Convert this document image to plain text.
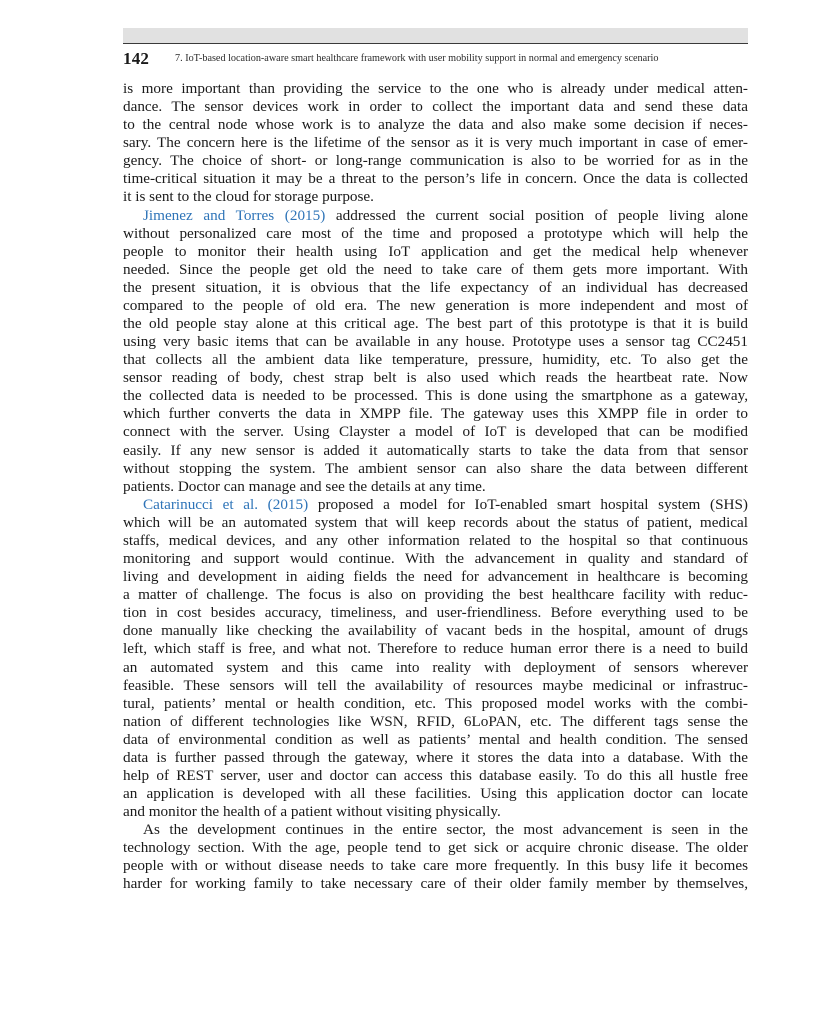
142	7. IoT-based location-aware smart healthcare framework with user mobility support in normal and emergency scenario
is more important than providing the service to the one who is already under medical atten-
dance. The sensor devices work in order to collect the important data and send these data
to the central node whose work is to analyze the data and also make some decision if neces-
sary. The concern here is the lifetime of the sensor as it is very much important in case of emer-
gency. The choice of short- or long-range communication is also to be worried for as in the
time-critical situation it may be a threat to the person’s life in concern. Once the data is collected
it is sent to the cloud for storage purpose.
Jimenez and Torres (2015) addressed the current social position of people living alone
without personalized care most of the time and proposed a prototype which will help the
people to monitor their health using IoT application and get the medical help whenever
needed. Since the people get old the need to take care of them gets more important. With
the present situation, it is obvious that the life expectancy of an individual has decreased
compared to the people of old era. The new generation is more independent and most of
the old people stay alone at this critical age. The best part of this prototype is that it is build
using very basic items that can be available in any house. Prototype uses a sensor tag CC2451
that collects all the ambient data like temperature, pressure, humidity, etc. To also get the
sensor reading of body, chest strap belt is also used which reads the heartbeat rate. Now
the collected data is needed to be processed. This is done using the smartphone as a gateway,
which further converts the data in XMPP file. The gateway uses this XMPP file in order to
connect with the server. Using Clayster a model of IoT is developed that can be modified
easily. If any new sensor is added it automatically starts to take the data from that sensor
without stopping the system. The ambient sensor can also share the data between different
patients. Doctor can manage and see the details at any time.
Catarinucci et al. (2015) proposed a model for IoT-enabled smart hospital system (SHS)
which will be an automated system that will keep records about the status of patient, medical
staffs, medical devices, and any other information related to the hospital so that continuous
monitoring and support would continue. With the advancement in quality and standard of
living and development in aiding fields the need for advancement in healthcare is becoming
a matter of challenge. The focus is also on providing the best healthcare facility with reduc-
tion in cost besides accuracy, timeliness, and user-friendliness. Before everything used to be
done manually like checking the availability of vacant beds in the hospital, amount of drugs
left, which staff is free, and what not. Therefore to reduce human error there is a need to build
an automated system and this came into reality with deployment of sensors wherever
feasible. These sensors will tell the availability of resources maybe medicinal or infrastruc-
tural, patients’ mental or health condition, etc. This proposed model works with the combi-
nation of different technologies like WSN, RFID, 6LoPAN, etc. The different tags sense the
data of environmental condition as well as patients’ mental and health condition. The sensed
data is further passed through the gateway, where it stores the data into a database. With the
help of REST server, user and doctor can access this database easily. To do this all hustle free
an application is developed with all these facilities. Using this application doctor can locate
and monitor the health of a patient without visiting physically.
As the development continues in the entire sector, the most advancement is seen in the
technology section. With the age, people tend to get sick or acquire chronic disease. The older
people with or without disease needs to take care more frequently. In this busy life it becomes
harder for working family to take necessary care of their older family member by themselves,
